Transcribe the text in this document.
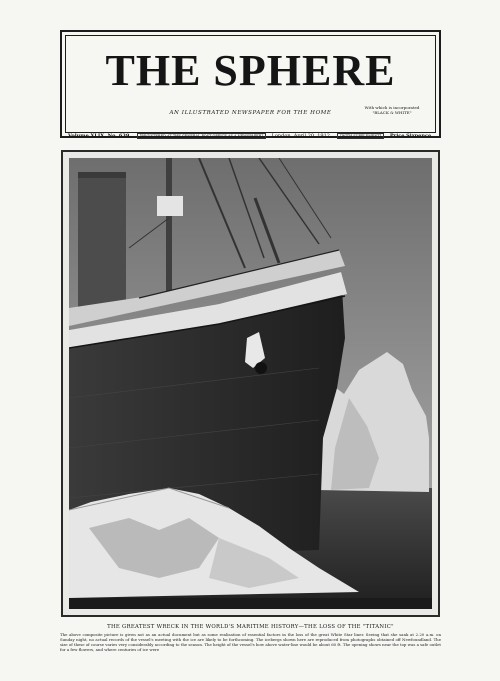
THE SPHERE
AN ILLUSTRATED NEWSPAPER FOR THE HOME
With which is incorporated "BLACK & WHITE"
Volume XLIX. No. 639.	[REGISTERED AT THE GENERAL POST OFFICE AS A NEWSPAPER]	London, April 20, 1912.	[WITH SUPPLEMENT]	Price Sixpence.
THE GREATEST WRECK IN THE WORLD'S MARITIME HISTORY—THE LOSS OF THE "TITANIC"
The above composite picture is given not as an actual document but as some realisation of essential factors in the loss of the great White Star liner. Seeing that she sank at 2.20 a.m. on Sunday night, no actual records of the vessel's meeting with the ice are likely to be forthcoming. The icebergs shown here are reproduced from photographs obtained off Newfoundland. The size of these of course varies very considerably according to the season. The height of the vessel's bow above water-line would be about 60 ft. The opening shows near the top was a safe outlet for a few flowers, and where centuries of ice were
